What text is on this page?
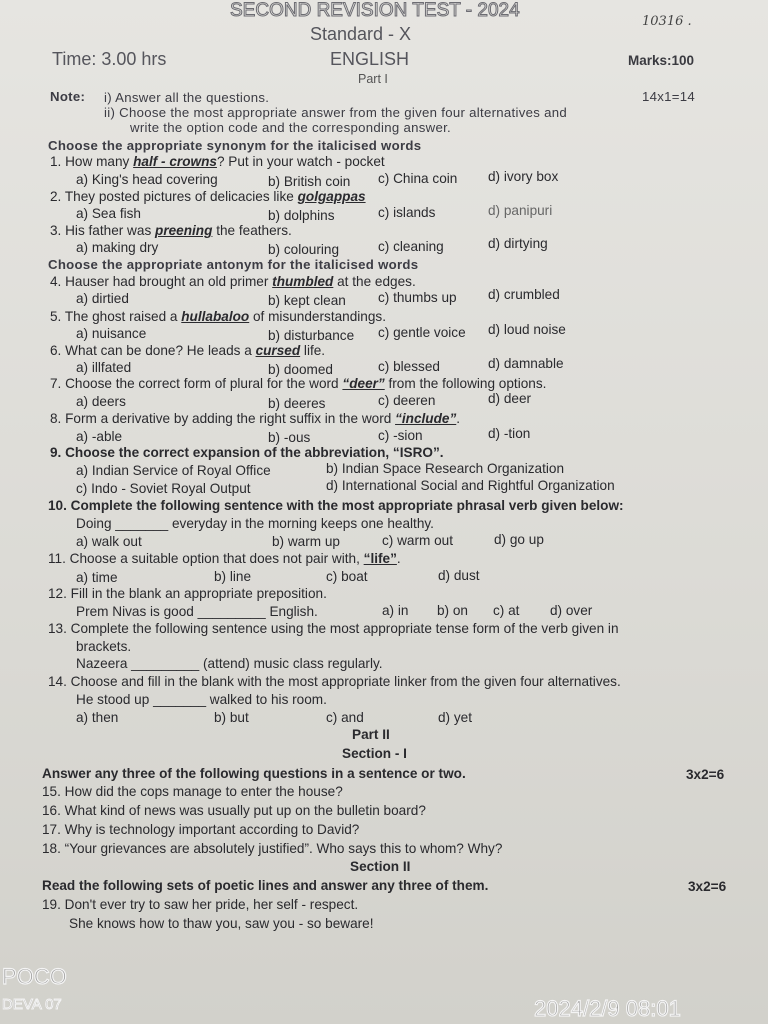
SECOND REVISION TEST - 2024
10316 .
Standard - X
Time: 3.00 hrs	ENGLISH	Marks:100
Part I
Note: i) Answer all the questions.	14x1=14
ii) Choose the most appropriate answer from the given four alternatives and
write the option code and the corresponding answer.
Choose the appropriate synonym for the italicised words
1. How many half - crowns? Put in your watch - pocket
a) King's head covering	b) British coin c) China coin d) ivory box
2. They posted pictures of delicacies like golgappas
a) Sea fish	b) dolphins	c) islands	d) panipuri
3. His father was preening the feathers.
a) making dry	b) colouring	c) cleaning	d) dirtying
Choose the appropriate antonym for the italicised words
4. Hauser had brought an old primer thumbled at the edges.
a) dirtied	b) kept clean c) thumbs up d) crumbled
5. The ghost raised a hullabaloo of misunderstandings.
a) nuisance	b) disturbance c) gentle voice d) loud noise
6. What can be done? He leads a cursed life.
a) illfated	b) doomed	c) blessed	d) damnable
7. Choose the correct form of plural for the word “deer” from the following options.
a) deers	b) deeres	c) deeren	d) deer
8. Form a derivative by adding the right suffix in the word “include”.
a) -able	b) -ous	c) -sion	d) -tion
9. Choose the correct expansion of the abbreviation, “ISRO”.
a) Indian Service of Royal Office	b) Indian Space Research Organization
c) Indo - Soviet Royal Output	d) International Social and Rightful Organization
10. Complete the following sentence with the most appropriate phrasal verb given below:
Doing _______ everyday in the morning keeps one healthy.
a) walk out	b) warm up	c) warm out	d) go up
11. Choose a suitable option that does not pair with, “life”.
a) time	b) line	c) boat	d) dust
12. Fill in the blank an appropriate preposition.
Prem Nivas is good _________ English.	a) in b) on c) at d) over
13. Complete the following sentence using the most appropriate tense form of the verb given in
brackets.
Nazeera _________ (attend) music class regularly.
14. Choose and fill in the blank with the most appropriate linker from the given four alternatives.
He stood up _______ walked to his room.
a) then	b) but	c) and	d) yet
Part II
Section - I
Answer any three of the following questions in a sentence or two.	3x2=6
15. How did the cops manage to enter the house?
16. What kind of news was usually put up on the bulletin board?
17. Why is technology important according to David?
18. “Your grievances are absolutely justified”. Who says this to whom? Why?
Section II
Read the following sets of poetic lines and answer any three of them.	3x2=6
19. Don't ever try to saw her pride, her self - respect.
She knows how to thaw you, saw you - so beware!
POCO
DEVA 07	2024/2/9 08:01
